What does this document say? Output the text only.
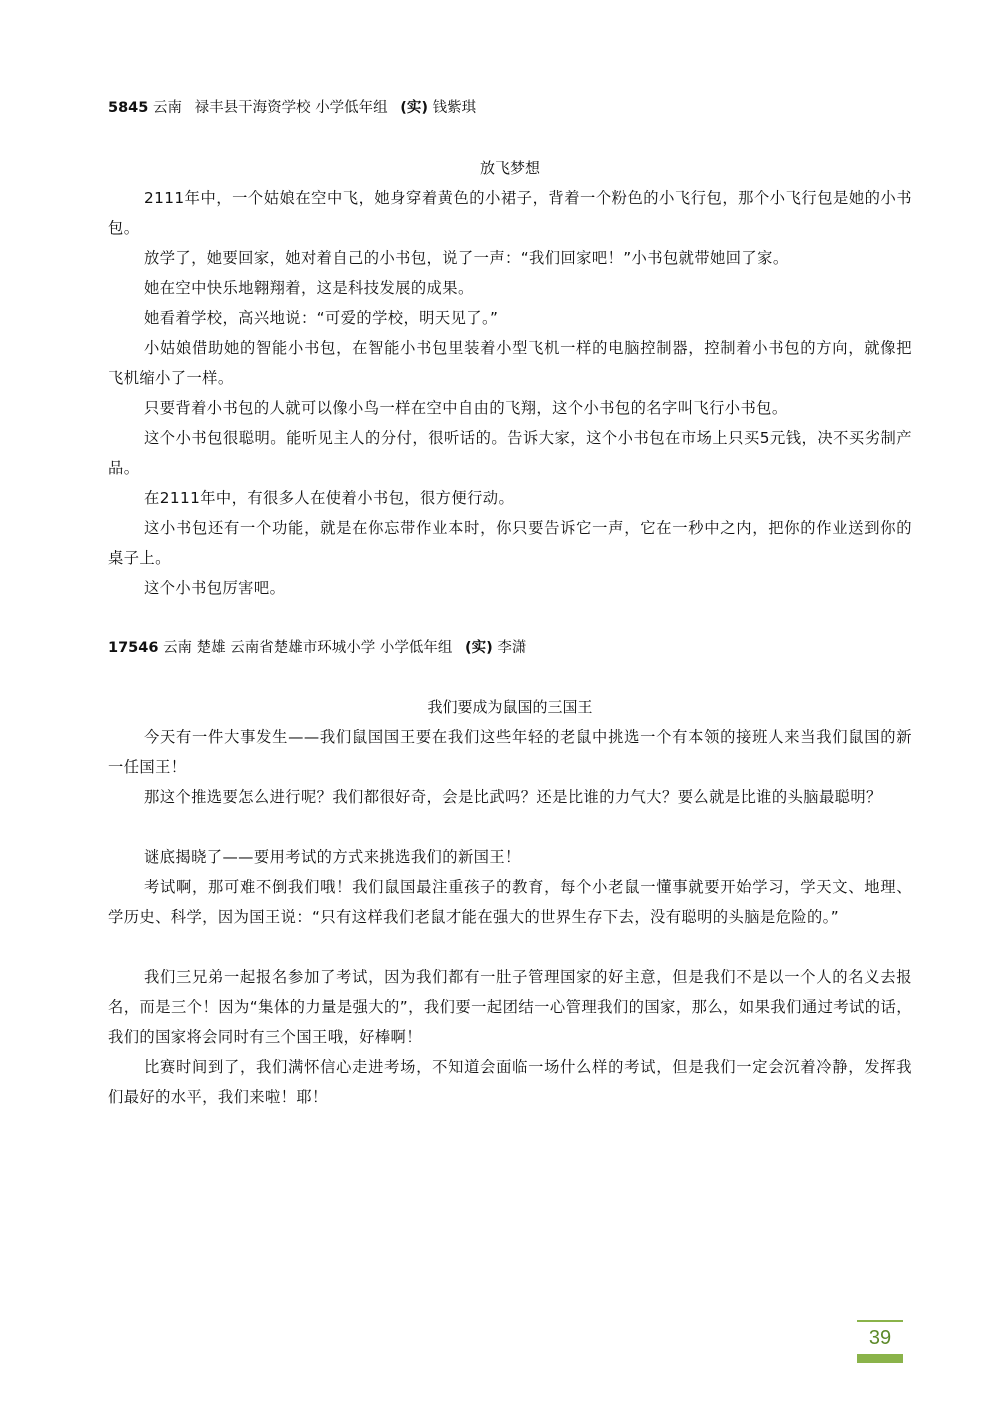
5845 云南 禄丰县干海资学校 小学低年组 (实) 钱紫琪
放飞梦想

2111年中，一个姑娘在空中飞，她身穿着黄色的小裙子，背着一个粉色的小飞行包，那个小飞行包是她的小书包。

放学了，她要回家，她对着自己的小书包，说了一声：“我们回家吧！”小书包就带她回了家。

她在空中快乐地翱翔着，这是科技发展的成果。

她看着学校，高兴地说：“可爱的学校，明天见了。”

小姑娘借助她的智能小书包，在智能小书包里装着小型飞机一样的电脑控制器，控制着小书包的方向，就像把飞机缩小了一样。

只要背着小书包的人就可以像小鸟一样在空中自由的飞翔，这个小书包的名字叫飞行小书包。

这个小书包很聪明。能听见主人的分付，很听话的。告诉大家，这个小书包在市场上只买5元钱，决不买劣制产品。

在2111年中，有很多人在使着小书包，很方便行动。

这小书包还有一个功能，就是在你忘带作业本时，你只要告诉它一声，它在一秒中之内，把你的作业送到你的桌子上。

这个小书包厉害吧。

17546 云南 楚雄 云南省楚雄市环城小学 小学低年组 (实) 李潇
我们要成为鼠国的三国王

今天有一件大事发生——我们鼠国国王要在我们这些年轻的老鼠中挑选一个有本领的接班人来当我们鼠国的新一任国王！

那这个推选要怎么进行呢？我们都很好奇，会是比武吗？还是比谁的力气大？要么就是比谁的头脑最聪明？

谜底揭晓了——要用考试的方式来挑选我们的新国王！

考试啊，那可难不倒我们哦！我们鼠国最注重孩子的教育，每个小老鼠一懂事就要开始学习，学天文、地理、学历史、科学，因为国王说：“只有这样我们老鼠才能在强大的世界生存下去，没有聪明的头脑是危险的。”

我们三兄弟一起报名参加了考试，因为我们都有一肚子管理国家的好主意，但是我们不是以一个人的名义去报名，而是三个！因为“集体的力量是强大的”，我们要一起团结一心管理我们的国家，那么，如果我们通过考试的话，我们的国家将会同时有三个国王哦，好棒啊！

比赛时间到了，我们满怀信心走进考场，不知道会面临一场什么样的考试，但是我们一定会沉着冷静，发挥我们最好的水平，我们来啦！耶！

39
